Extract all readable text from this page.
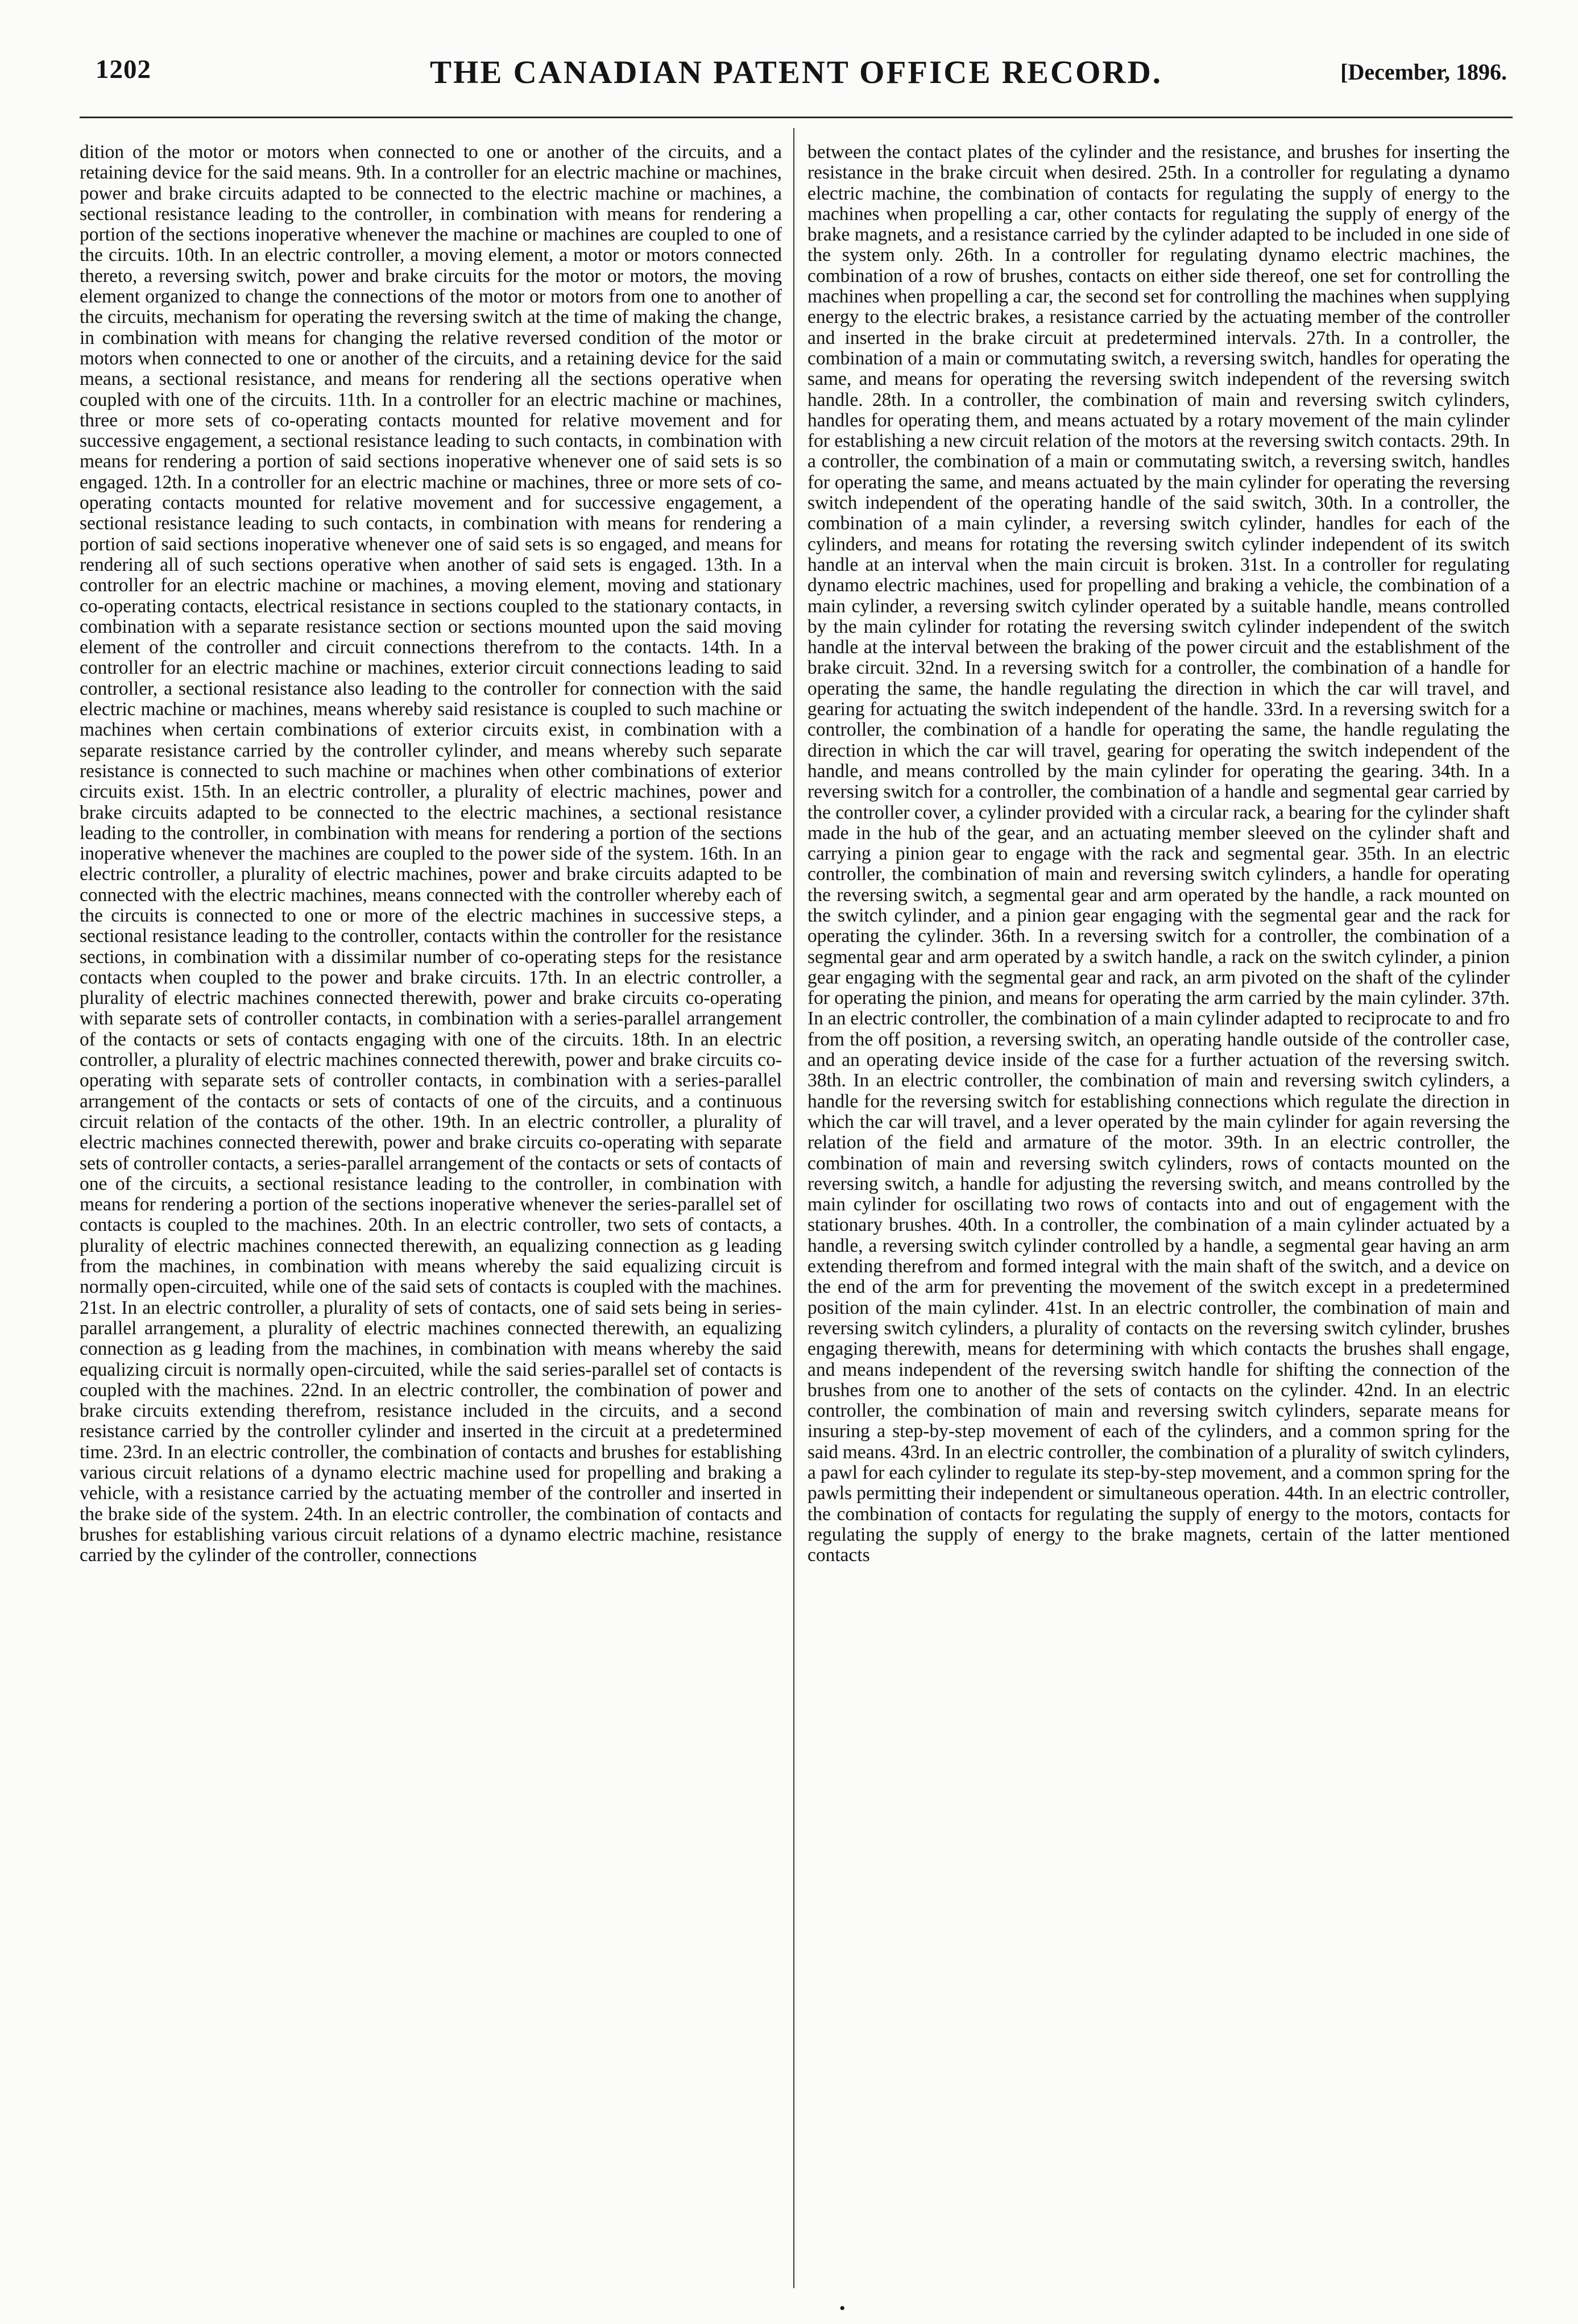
1202	THE CANADIAN PATENT OFFICE RECORD.	[December, 1896.
dition of the motor or motors when connected to one or another of the circuits, and a retaining device for the said means. 9th. In a controller for an electric machine or machines, power and brake circuits adapted to be connected to the electric machine or machines, a sectional resistance leading to the controller, in combination with means for rendering a portion of the sections inoperative whenever the machine or machines are coupled to one of the circuits. 10th. In an electric controller, a moving element, a motor or motors connected thereto, a reversing switch, power and brake circuits for the motor or motors, the moving element organized to change the connections of the motor or motors from one to another of the circuits, mechanism for operating the reversing switch at the time of making the change, in combination with means for changing the relative reversed condition of the motor or motors when connected to one or another of the circuits, and a retaining device for the said means, a sectional resistance, and means for rendering all the sections operative when coupled with one of the circuits. 11th. In a controller for an electric machine or machines, three or more sets of co-operating contacts mounted for relative movement and for successive engagement, a sectional resistance leading to such contacts, in combination with means for rendering a portion of said sections inoperative whenever one of said sets is so engaged. 12th. In a controller for an electric machine or machines, three or more sets of co-operating contacts mounted for relative movement and for successive engagement, a sectional resistance leading to such contacts, in combination with means for rendering a portion of said sections inoperative whenever one of said sets is so engaged, and means for rendering all of such sections operative when another of said sets is engaged. 13th. In a controller for an electric machine or machines, a moving element, moving and stationary co-operating contacts, electrical resistance in sections coupled to the stationary contacts, in combination with a separate resistance section or sections mounted upon the said moving element of the controller and circuit connections therefrom to the contacts. 14th. In a controller for an electric machine or machines, exterior circuit connections leading to said controller, a sectional resistance also leading to the controller for connection with the said electric machine or machines, means whereby said resistance is coupled to such machine or machines when certain combinations of exterior circuits exist, in combination with a separate resistance carried by the controller cylinder, and means whereby such separate resistance is connected to such machine or machines when other combinations of exterior circuits exist. 15th. In an electric controller, a plurality of electric machines, power and brake circuits adapted to be connected to the electric machines, a sectional resistance leading to the controller, in combination with means for rendering a portion of the sections inoperative whenever the machines are coupled to the power side of the system. 16th. In an electric controller, a plurality of electric machines, power and brake circuits adapted to be connected with the electric machines, means connected with the controller whereby each of the circuits is connected to one or more of the electric machines in successive steps, a sectional resistance leading to the controller, contacts within the controller for the resistance sections, in combination with a dissimilar number of co-operating steps for the resistance contacts when coupled to the power and brake circuits. 17th. In an electric controller, a plurality of electric machines connected therewith, power and brake circuits co-operating with separate sets of controller contacts, in combination with a series-parallel arrangement of the contacts or sets of contacts engaging with one of the circuits. 18th. In an electric controller, a plurality of electric machines connected therewith, power and brake circuits co-operating with separate sets of controller contacts, in combination with a series-parallel arrangement of the contacts or sets of contacts of one of the circuits, and a continuous circuit relation of the contacts of the other. 19th. In an electric controller, a plurality of electric machines connected therewith, power and brake circuits co-operating with separate sets of controller contacts, a series-parallel arrangement of the contacts or sets of contacts of one of the circuits, a sectional resistance leading to the controller, in combination with means for rendering a portion of the sections inoperative whenever the series-parallel set of contacts is coupled to the machines. 20th. In an electric controller, two sets of contacts, a plurality of electric machines connected therewith, an equalizing connection as g leading from the machines, in combination with means whereby the said equalizing circuit is normally open-circuited, while one of the said sets of contacts is coupled with the machines. 21st. In an electric controller, a plurality of sets of contacts, one of said sets being in series-parallel arrangement, a plurality of electric machines connected therewith, an equalizing connection as g leading from the machines, in combination with means whereby the said equalizing circuit is normally open-circuited, while the said series-parallel set of contacts is coupled with the machines. 22nd. In an electric controller, the combination of power and brake circuits extending therefrom, resistance included in the circuits, and a second resistance carried by the controller cylinder and inserted in the circuit at a predetermined time. 23rd. In an electric controller, the combination of contacts and brushes for establishing various circuit relations of a dynamo electric machine used for propelling and braking a vehicle, with a resistance carried by the actuating member of the controller and inserted in the brake side of the system. 24th. In an electric controller, the combination of contacts and brushes for establishing various circuit relations of a dynamo electric machine, resistance carried by the cylinder of the controller, connections
between the contact plates of the cylinder and the resistance, and brushes for inserting the resistance in the brake circuit when desired. 25th. In a controller for regulating a dynamo electric machine, the combination of contacts for regulating the supply of energy to the machines when propelling a car, other contacts for regulating the supply of energy of the brake magnets, and a resistance carried by the cylinder adapted to be included in one side of the system only. 26th. In a controller for regulating dynamo electric machines, the combination of a row of brushes, contacts on either side thereof, one set for controlling the machines when propelling a car, the second set for controlling the machines when supplying energy to the electric brakes, a resistance carried by the actuating member of the controller and inserted in the brake circuit at predetermined intervals. 27th. In a controller, the combination of a main or commutating switch, a reversing switch, handles for operating the same, and means for operating the reversing switch independent of the reversing switch handle. 28th. In a controller, the combination of main and reversing switch cylinders, handles for operating them, and means actuated by a rotary movement of the main cylinder for establishing a new circuit relation of the motors at the reversing switch contacts. 29th. In a controller, the combination of a main or commutating switch, a reversing switch, handles for operating the same, and means actuated by the main cylinder for operating the reversing switch independent of the operating handle of the said switch, 30th. In a controller, the combination of a main cylinder, a reversing switch cylinder, handles for each of the cylinders, and means for rotating the reversing switch cylinder independent of its switch handle at an interval when the main circuit is broken. 31st. In a controller for regulating dynamo electric machines, used for propelling and braking a vehicle, the combination of a main cylinder, a reversing switch cylinder operated by a suitable handle, means controlled by the main cylinder for rotating the reversing switch cylinder independent of the switch handle at the interval between the braking of the power circuit and the establishment of the brake circuit. 32nd. In a reversing switch for a controller, the combination of a handle for operating the same, the handle regulating the direction in which the car will travel, and gearing for actuating the switch independent of the handle. 33rd. In a reversing switch for a controller, the combination of a handle for operating the same, the handle regulating the direction in which the car will travel, gearing for operating the switch independent of the handle, and means controlled by the main cylinder for operating the gearing. 34th. In a reversing switch for a controller, the combination of a handle and segmental gear carried by the controller cover, a cylinder provided with a circular rack, a bearing for the cylinder shaft made in the hub of the gear, and an actuating member sleeved on the cylinder shaft and carrying a pinion gear to engage with the rack and segmental gear. 35th. In an electric controller, the combination of main and reversing switch cylinders, a handle for operating the reversing switch, a segmental gear and arm operated by the handle, a rack mounted on the switch cylinder, and a pinion gear engaging with the segmental gear and the rack for operating the cylinder. 36th. In a reversing switch for a controller, the combination of a segmental gear and arm operated by a switch handle, a rack on the switch cylinder, a pinion gear engaging with the segmental gear and rack, an arm pivoted on the shaft of the cylinder for operating the pinion, and means for operating the arm carried by the main cylinder. 37th. In an electric controller, the combination of a main cylinder adapted to reciprocate to and fro from the off position, a reversing switch, an operating handle outside of the controller case, and an operating device inside of the case for a further actuation of the reversing switch. 38th. In an electric controller, the combination of main and reversing switch cylinders, a handle for the reversing switch for establishing connections which regulate the direction in which the car will travel, and a lever operated by the main cylinder for again reversing the relation of the field and armature of the motor. 39th. In an electric controller, the combination of main and reversing switch cylinders, rows of contacts mounted on the reversing switch, a handle for adjusting the reversing switch, and means controlled by the main cylinder for oscillating two rows of contacts into and out of engagement with the stationary brushes. 40th. In a controller, the combination of a main cylinder actuated by a handle, a reversing switch cylinder controlled by a handle, a segmental gear having an arm extending therefrom and formed integral with the main shaft of the switch, and a device on the end of the arm for preventing the movement of the switch except in a predetermined position of the main cylinder. 41st. In an electric controller, the combination of main and reversing switch cylinders, a plurality of contacts on the reversing switch cylinder, brushes engaging therewith, means for determining with which contacts the brushes shall engage, and means independent of the reversing switch handle for shifting the connection of the brushes from one to another of the sets of contacts on the cylinder. 42nd. In an electric controller, the combination of main and reversing switch cylinders, separate means for insuring a step-by-step movement of each of the cylinders, and a common spring for the said means. 43rd. In an electric controller, the combination of a plurality of switch cylinders, a pawl for each cylinder to regulate its step-by-step movement, and a common spring for the pawls permitting their independent or simultaneous operation. 44th. In an electric controller, the combination of contacts for regulating the supply of energy to the motors, contacts for regulating the supply of energy to the brake magnets, certain of the latter mentioned contacts
•
